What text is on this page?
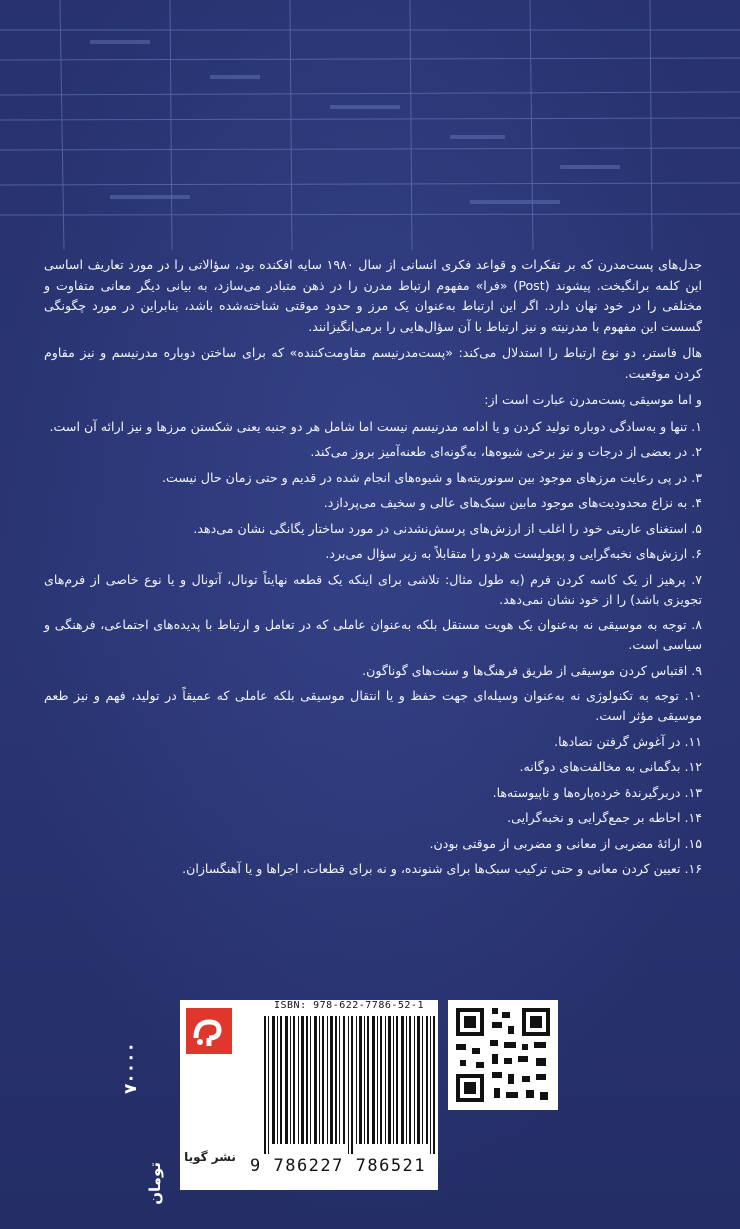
جدل‌های پست‌مدرن که بر تفکرات و قواعد فکری انسانی از سال ۱۹۸۰ سایه افکنده بود، سؤالاتی را در مورد تعاریف اساسی این کلمه برانگیخت. پیشوند (Post) «فرا» مفهوم ارتباط مدرن را در ذهن متبادر می‌سازد، به بیانی دیگر معانی متفاوت و مختلفی را در خود نهان دارد. اگر این ارتباط به‌عنوان یک مرز و حدود موقتی شناخته‌شده باشد، بنابراین در مورد چگونگی گسست این مفهوم با مدرنیته و نیز ارتباط با آن سؤال‌هایی را برمی‌انگیزانند.

هال فاستر، دو نوع ارتباط را استدلال می‌کند: «پست‌مدرنیسم مقاومت‌کننده» که برای ساختن دوباره مدرنیسم و نیز مقاوم کردن موقعیت.

و اما موسیقی پست‌مدرن عبارت است از:

۱. تنها و به‌سادگی دوباره تولید کردن و یا ادامه مدرنیسم نیست اما شامل هر دو جنبه یعنی شکستن مرزها و نیز ارائه آن است.
۲. در بعضی از درجات و نیز برخی شیوه‌ها، به‌گونه‌ای طعنه‌آمیز بروز می‌کند.
۳. در پی رعایت مرزهای موجود بین سونوریته‌ها و شیوه‌های انجام شده در قدیم و حتی زمان حال نیست.
۴. به نزاع محدودیت‌های موجود مابین سبک‌های عالی و سخیف می‌پردازد.
۵. استغنای عاریتی خود را اغلب از ارزش‌های پرسش‌نشدنی در مورد ساختار یگانگی نشان می‌دهد.
۶. ارزش‌های نخبه‌گرایی و پوپولیست هردو را متقابلاً به زیر سؤال می‌برد.
۷. پرهیز از یک کاسه کردن فرم (به طول مثال: تلاشی برای اینکه یک قطعه نهایتاً تونال، آتونال و یا نوع خاصی از فرم‌های تجویزی باشد) را از خود نشان نمی‌دهد.
۸. توجه به موسیقی نه به‌عنوان یک هویت مستقل بلکه به‌عنوان عاملی که در تعامل و ارتباط با پدیده‌های اجتماعی، فرهنگی و سیاسی است.
۹. اقتباس کردن موسیقی از طریق فرهنگ‌ها و سنت‌های گوناگون.
۱۰. توجه به تکنولوژی نه به‌عنوان وسیله‌ای جهت حفظ و یا انتقال موسیقی بلکه عاملی که عمیقاً در تولید، فهم و نیز طعم موسیقی مؤثر است.
۱۱. در آغوش گرفتن تضادها.
۱۲. بدگمانی به مخالفت‌های دوگانه.
۱۳. دربرگیرندهٔ خرده‌پاره‌ها و ناپیوسته‌ها.
۱۴. احاطه بر جمع‌گرایی و نخبه‌گرایی.
۱۵. ارائهٔ مضربی از معانی و مضربی از موقتی بودن.
۱۶. تعیین کردن معانی و حتی ترکیب سبک‌ها برای شنونده، و نه برای قطعات، اجراها و یا آهنگسازان.
۷۰۰۰۰
تومان
نشر گویا
ISBN: 978-622-7786-52-1
9 786227 786521
